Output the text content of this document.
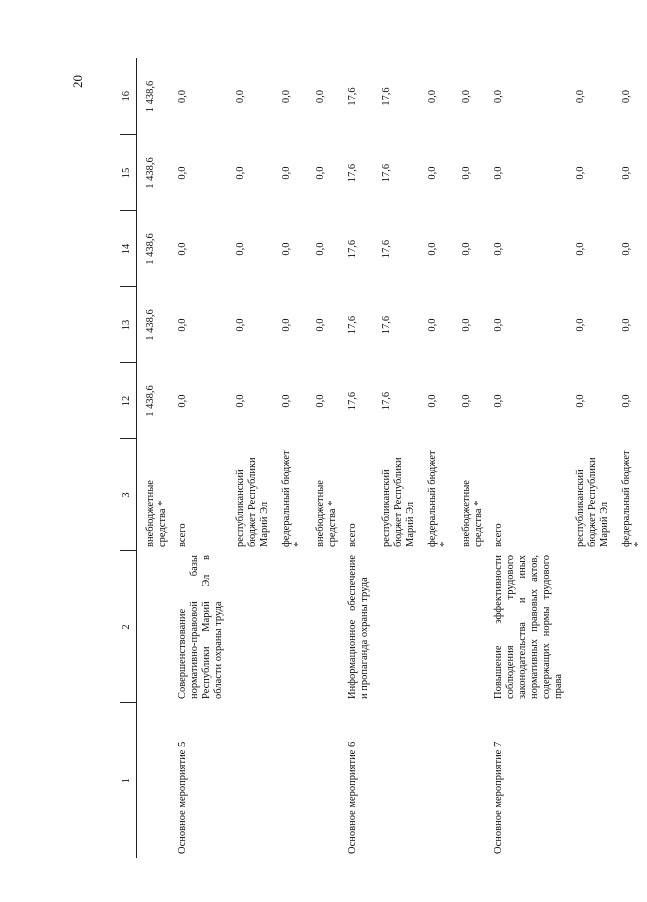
20
1	2	3	12	13	14	15	16
		внебюджетные средства *	1 438,6	1 438,6	1 438,6	1 438,6	1 438,6
Основное мероприятие 5	Совершенствование нормативно-правовой базы Республики Марий Эл в области охраны труда	всего	0,0	0,0	0,0	0,0	0,0
		республиканский бюджет Республики Марий Эл	0,0	0,0	0,0	0,0	0,0
		федеральный бюджет *	0,0	0,0	0,0	0,0	0,0
		внебюджетные средства *	0,0	0,0	0,0	0,0	0,0
Основное мероприятие 6	Информационное обеспечение и пропаганда охраны труда	всего	17,6	17,6	17,6	17,6	17,6
		республиканский бюджет Республики Марий Эл	17,6	17,6	17,6	17,6	17,6
		федеральный бюджет *	0,0	0,0	0,0	0,0	0,0
		внебюджетные средства *	0,0	0,0	0,0	0,0	0,0
Основное мероприятие 7	Повышение эффективности соблюдения трудового законодательства и иных нормативных правовых актов, содержащих нормы трудового права	всего	0,0	0,0	0,0	0,0	0,0
		республиканский бюджет Республики Марий Эл	0,0	0,0	0,0	0,0	0,0
		федеральный бюджет *	0,0	0,0	0,0	0,0	0,0
